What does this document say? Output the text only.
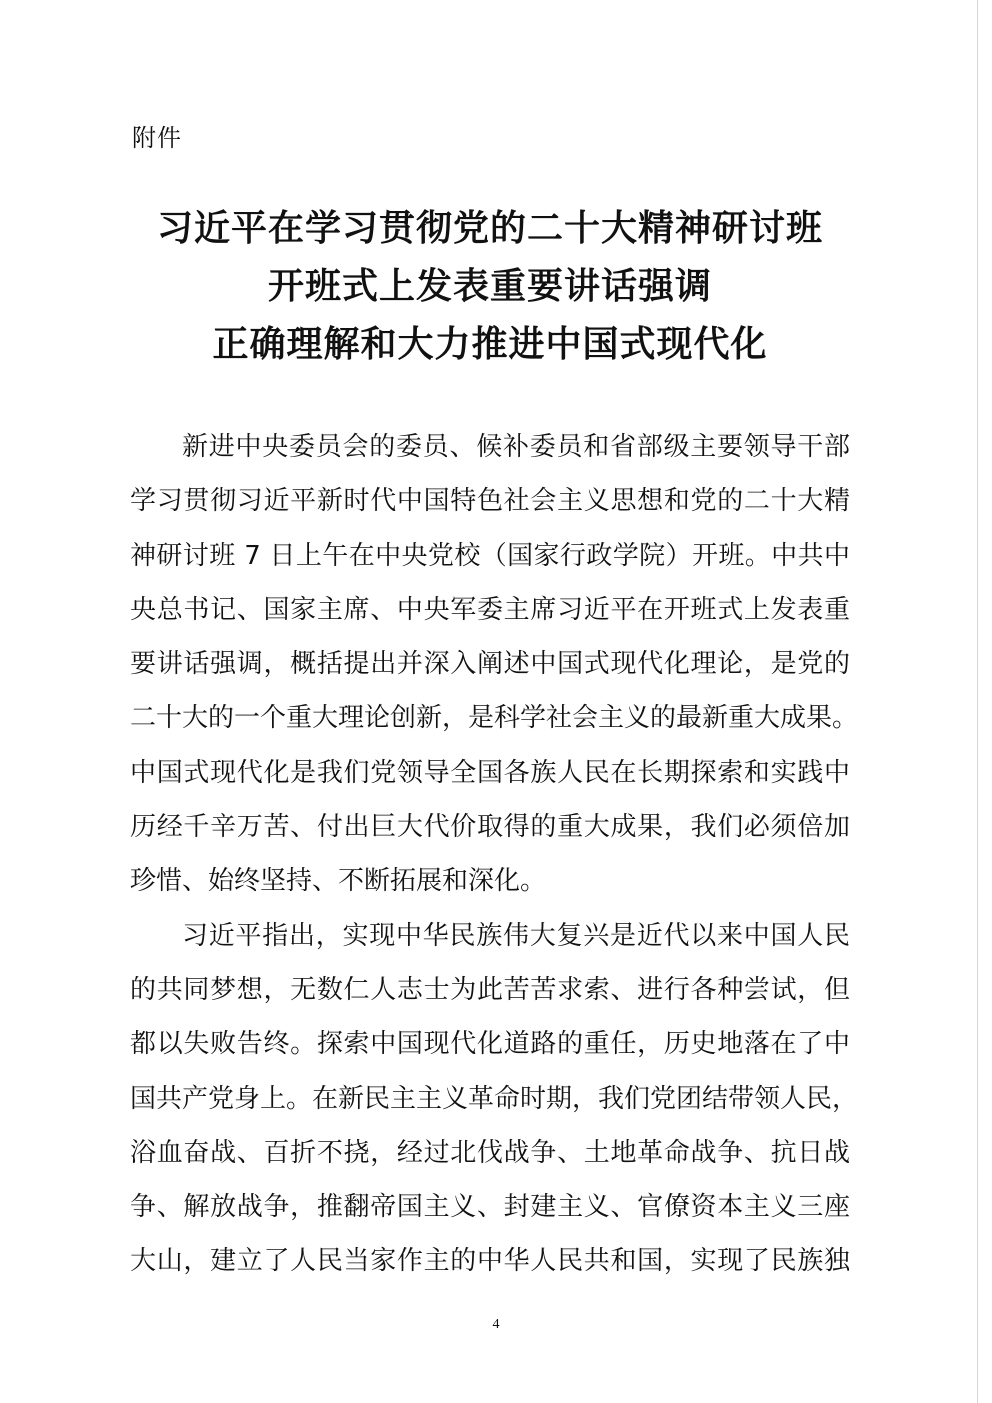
附件
习近平在学习贯彻党的二十大精神研讨班
开班式上发表重要讲话强调
正确理解和大力推进中国式现代化
新进中央委员会的委员、候补委员和省部级主要领导干部
学习贯彻习近平新时代中国特色社会主义思想和党的二十大精
神研讨班 7 日上午在中央党校（国家行政学院）开班。中共中
央总书记、国家主席、中央军委主席习近平在开班式上发表重
要讲话强调，概括提出并深入阐述中国式现代化理论，是党的
二十大的一个重大理论创新，是科学社会主义的最新重大成果。
中国式现代化是我们党领导全国各族人民在长期探索和实践中
历经千辛万苦、付出巨大代价取得的重大成果，我们必须倍加
珍惜、始终坚持、不断拓展和深化。
习近平指出，实现中华民族伟大复兴是近代以来中国人民
的共同梦想，无数仁人志士为此苦苦求索、进行各种尝试，但
都以失败告终。探索中国现代化道路的重任，历史地落在了中
国共产党身上。在新民主主义革命时期，我们党团结带领人民，
浴血奋战、百折不挠，经过北伐战争、土地革命战争、抗日战
争、解放战争，推翻帝国主义、封建主义、官僚资本主义三座
大山，建立了人民当家作主的中华人民共和国，实现了民族独
4
